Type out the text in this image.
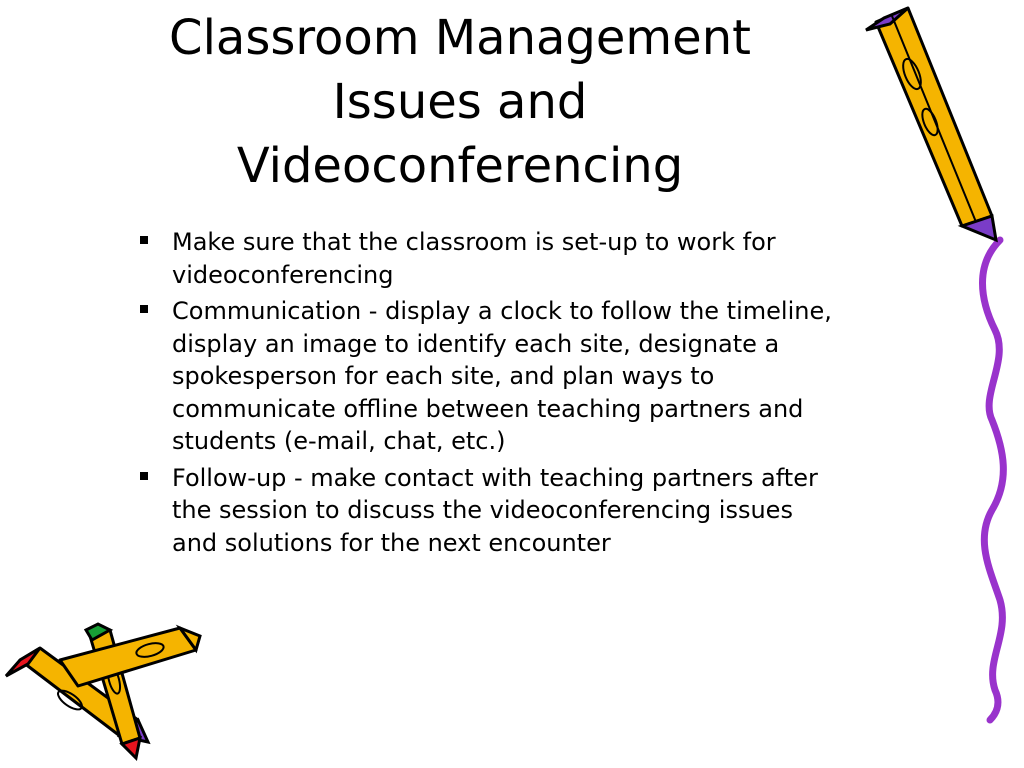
Classroom Management
Issues and
Videoconferencing
Make sure that the classroom is set-up to work for
videoconferencing
Communication - display a clock to follow the timeline,
display an image to identify each site, designate a
spokesperson for each site, and plan ways to
communicate offline between teaching partners and
students (e-mail, chat, etc.)
Follow-up - make contact with teaching partners after
the session to discuss the videoconferencing issues
and solutions for the next encounter
